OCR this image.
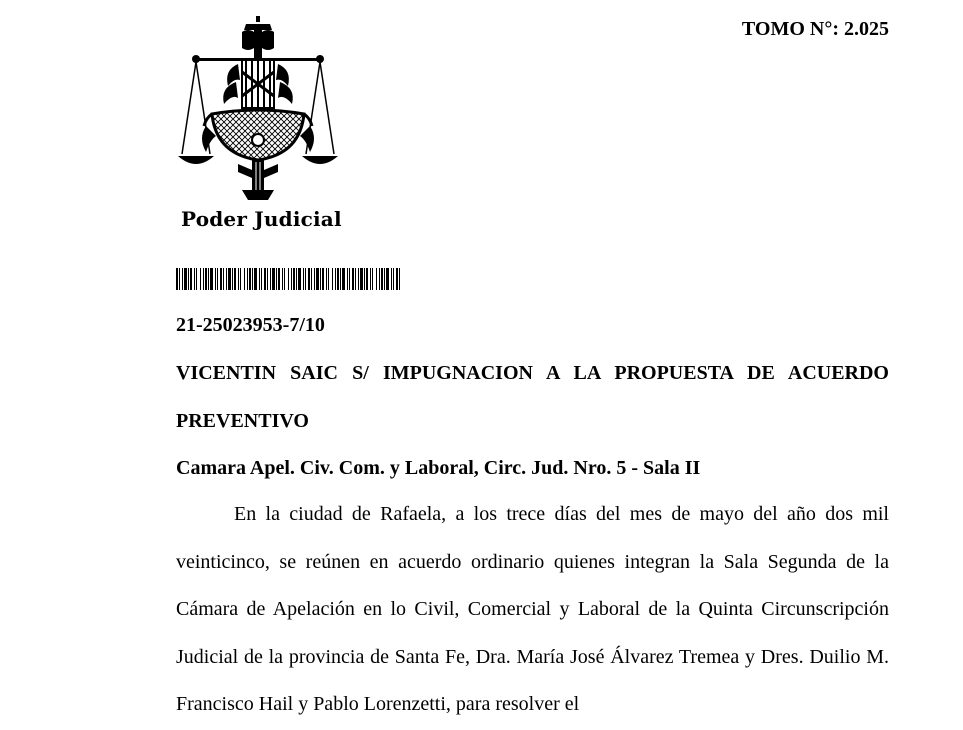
TOMO N°: 2.025
Poder Judicial

21-25023953-7/10

VICENTIN SAIC S/ IMPUGNACION A LA PROPUESTA DE ACUERDO PREVENTIVO

Camara Apel. Civ. Com. y Laboral, Circ. Jud. Nro. 5 - Sala II

En la ciudad de Rafaela, a los trece días del mes de mayo del año dos mil veinticinco, se reúnen en acuerdo ordinario quienes integran la Sala Segunda de la Cámara de Apelación en lo Civil, Comercial y Laboral de la Quinta Circunscripción Judicial de la provincia de Santa Fe, Dra. María José Álvarez Tremea y Dres. Duilio M. Francisco Hail y Pablo Lorenzetti, para resolver el
